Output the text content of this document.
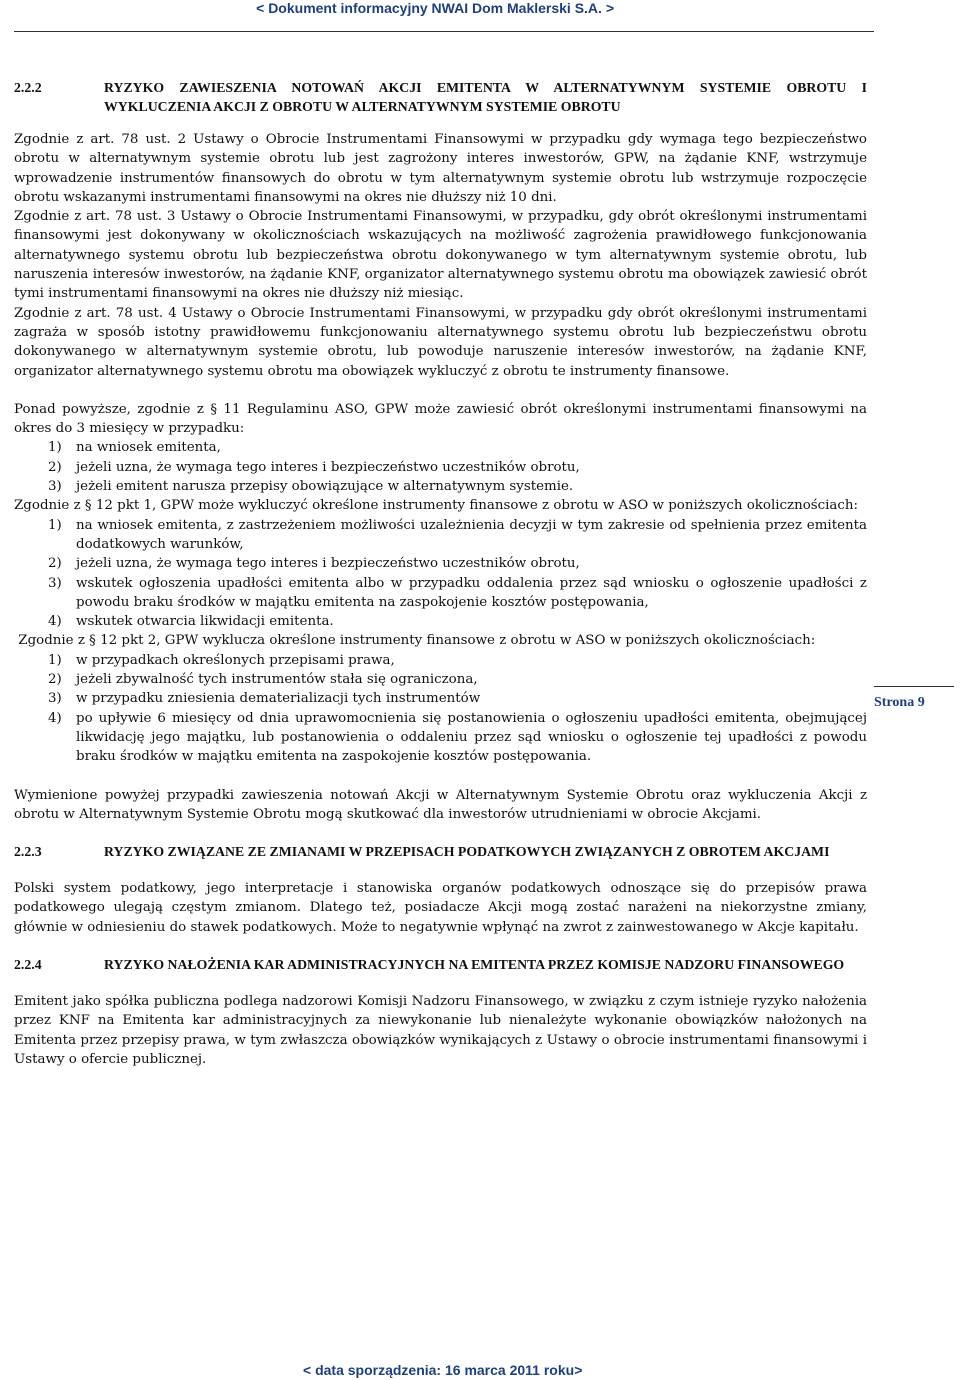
< Dokument informacyjny NWAI Dom Maklerski S.A. >
2.2.2	RYZYKO ZAWIESZENIA NOTOWAŃ AKCJI EMITENTA W ALTERNATYWNYM SYSTEMIE OBROTU I WYKLUCZENIA AKCJI Z OBROTU W ALTERNATYWNYM SYSTEMIE OBROTU

Zgodnie z art. 78 ust. 2 Ustawy o Obrocie Instrumentami Finansowymi w przypadku gdy wymaga tego bezpieczeństwo obrotu w alternatywnym systemie obrotu lub jest zagrożony interes inwestorów, GPW, na żądanie KNF, wstrzymuje wprowadzenie instrumentów finansowych do obrotu w tym alternatywnym systemie obrotu lub wstrzymuje rozpoczęcie obrotu wskazanymi instrumentami finansowymi na okres nie dłuższy niż 10 dni.

Zgodnie z art. 78 ust. 3 Ustawy o Obrocie Instrumentami Finansowymi, w przypadku, gdy obrót określonymi instrumentami finansowymi jest dokonywany w okolicznościach wskazujących na możliwość zagrożenia prawidłowego funkcjonowania alternatywnego systemu obrotu lub bezpieczeństwa obrotu dokonywanego w tym alternatywnym systemie obrotu, lub naruszenia interesów inwestorów, na żądanie KNF, organizator alternatywnego systemu obrotu ma obowiązek zawiesić obrót tymi instrumentami finansowymi na okres nie dłuższy niż miesiąc.

Zgodnie z art. 78 ust. 4 Ustawy o Obrocie Instrumentami Finansowymi, w przypadku gdy obrót określonymi instrumentami zagraża w sposób istotny prawidłowemu funkcjonowaniu alternatywnego systemu obrotu lub bezpieczeństwu obrotu dokonywanego w alternatywnym systemie obrotu, lub powoduje naruszenie interesów inwestorów, na żądanie KNF, organizator alternatywnego systemu obrotu ma obowiązek wykluczyć z obrotu te instrumenty finansowe.

Ponad powyższe, zgodnie z § 11 Regulaminu ASO, GPW może zawiesić obrót określonymi instrumentami finansowymi na okres do 3 miesięcy w przypadku:

1)	na wniosek emitenta,
2)	jeżeli uzna, że wymaga tego interes i bezpieczeństwo uczestników obrotu,
3)	jeżeli emitent narusza przepisy obowiązujące w alternatywnym systemie.

Zgodnie z § 12 pkt 1, GPW może wykluczyć określone instrumenty finansowe z obrotu w ASO w poniższych okolicznościach:

1)	na wniosek emitenta, z zastrzeżeniem możliwości uzależnienia decyzji w tym zakresie od spełnienia przez emitenta dodatkowych warunków,
2)	jeżeli uzna, że wymaga tego interes i bezpieczeństwo uczestników obrotu,
3)	wskutek ogłoszenia upadłości emitenta albo w przypadku oddalenia przez sąd wniosku o ogłoszenie upadłości z powodu braku środków w majątku emitenta na zaspokojenie kosztów postępowania,
4)	wskutek otwarcia likwidacji emitenta.

Zgodnie z § 12 pkt 2, GPW wyklucza określone instrumenty finansowe z obrotu w ASO w poniższych okolicznościach:

1)	w przypadkach określonych przepisami prawa,
2)	jeżeli zbywalność tych instrumentów stała się ograniczona,
3)	w przypadku zniesienia dematerializacji tych instrumentów
4)	po upływie 6 miesięcy od dnia uprawomocnienia się postanowienia o ogłoszeniu upadłości emitenta, obejmującej likwidację jego majątku, lub postanowienia o oddaleniu przez sąd wniosku o ogłoszenie tej upadłości z powodu braku środków w majątku emitenta na zaspokojenie kosztów postępowania.

Wymienione powyżej przypadki zawieszenia notowań Akcji w Alternatywnym Systemie Obrotu oraz wykluczenia Akcji z obrotu w Alternatywnym Systemie Obrotu mogą skutkować dla inwestorów utrudnieniami w obrocie Akcjami.

2.2.3	RYZYKO ZWIĄZANE ZE ZMIANAMI W PRZEPISACH PODATKOWYCH ZWIĄZANYCH Z OBROTEM AKCJAMI

Polski system podatkowy, jego interpretacje i stanowiska organów podatkowych odnoszące się do przepisów prawa podatkowego ulegają częstym zmianom. Dlatego też, posiadacze Akcji mogą zostać narażeni na niekorzystne zmiany, głównie w odniesieniu do stawek podatkowych. Może to negatywnie wpłynąć na zwrot z zainwestowanego w Akcje kapitału.

2.2.4	RYZYKO NAŁOŻENIA KAR ADMINISTRACYJNYCH NA EMITENTA PRZEZ KOMISJE NADZORU FINANSOWEGO

Emitent jako spółka publiczna podlega nadzorowi Komisji Nadzoru Finansowego, w związku z czym istnieje ryzyko nałożenia przez KNF na Emitenta kar administracyjnych za niewykonanie lub nienależyte wykonanie obowiązków nałożonych na Emitenta przez przepisy prawa, w tym zwłaszcza obowiązków wynikających z Ustawy o obrocie instrumentami finansowymi i Ustawy o ofercie publicznej.

Strona 9
< data sporządzenia: 16 marca 2011 roku>
